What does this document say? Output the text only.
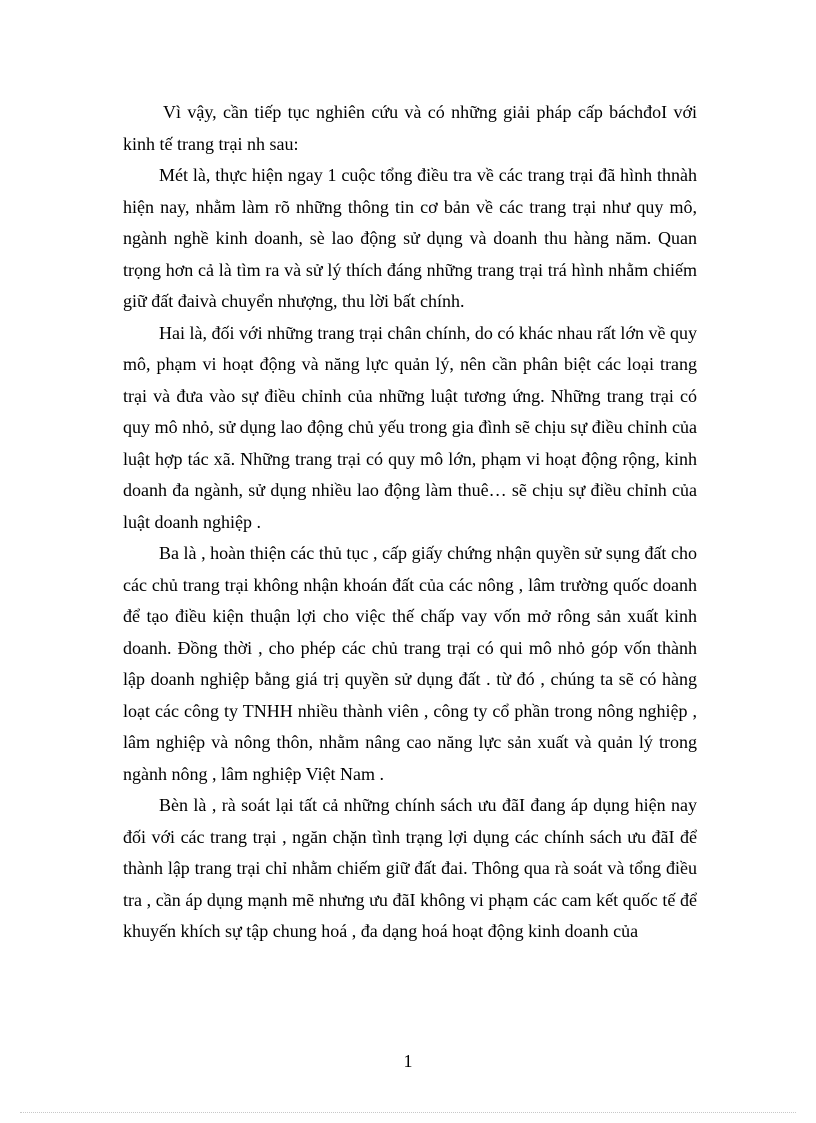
Vì vậy, cần tiếp tục nghiên cứu và có những giải pháp cấp báchđoI với kinh tế trang trại nh sau:

Mét là, thực hiện ngay 1 cuộc tổng điều tra về các trang trại đã hình thnàh hiện nay, nhằm làm rõ những thông tin cơ bản về các trang trại như quy mô, ngành nghề kinh doanh, sè lao động sử dụng và doanh thu hàng năm. Quan trọng hơn cả là tìm ra và sử lý thích đáng những trang trại trá hình nhằm chiếm giữ đất đaivà chuyển nhượng, thu lời bất chính.

Hai là, đối với những trang trại chân chính, do có khác nhau rất lớn về quy mô, phạm vi hoạt động và năng lực quản lý, nên cần phân biệt các loại trang trại và đưa vào sự điều chỉnh của những luật tương ứng. Những trang trại có quy mô nhỏ, sử dụng lao động chủ yếu trong gia đình sẽ chịu sự điều chỉnh của luật hợp tác xã. Những trang trại có quy mô lớn, phạm vi hoạt động rộng, kinh doanh đa ngành, sử dụng nhiều lao động làm thuê… sẽ chịu sự điều chỉnh của luật doanh nghiệp .

Ba là , hoàn thiện các thủ tục , cấp giấy chứng nhận quyền sử sụng đất cho các chủ trang trại không nhận khoán đất của các nông , lâm trường quốc doanh để tạo điều kiện thuận lợi cho việc thế chấp vay vốn mở rông sản xuất kinh doanh. Đồng thời , cho phép các chủ trang trại có qui mô nhỏ góp vốn thành lập doanh nghiệp bằng giá trị quyền sử dụng đất . từ đó , chúng ta sẽ có hàng loạt các công ty TNHH nhiều thành viên , công ty cổ phần trong nông nghiệp , lâm nghiệp và nông thôn, nhằm nâng cao năng lực sản xuất và quản lý trong ngành nông , lâm nghiệp Việt Nam .

Bèn là , rà soát lại tất cả những chính sách ưu đãI đang áp dụng hiện nay đối với các trang trại , ngăn chặn tình trạng lợi dụng các chính sách ưu đãI để thành lập trang trại chỉ nhằm chiếm giữ đất đai. Thông qua rà soát và tổng điều tra , cần áp dụng mạnh mẽ nhưng ưu đãI không vi phạm các cam kết quốc tế để khuyến khích sự tập chung hoá , đa dạng hoá hoạt động kinh doanh của

1
